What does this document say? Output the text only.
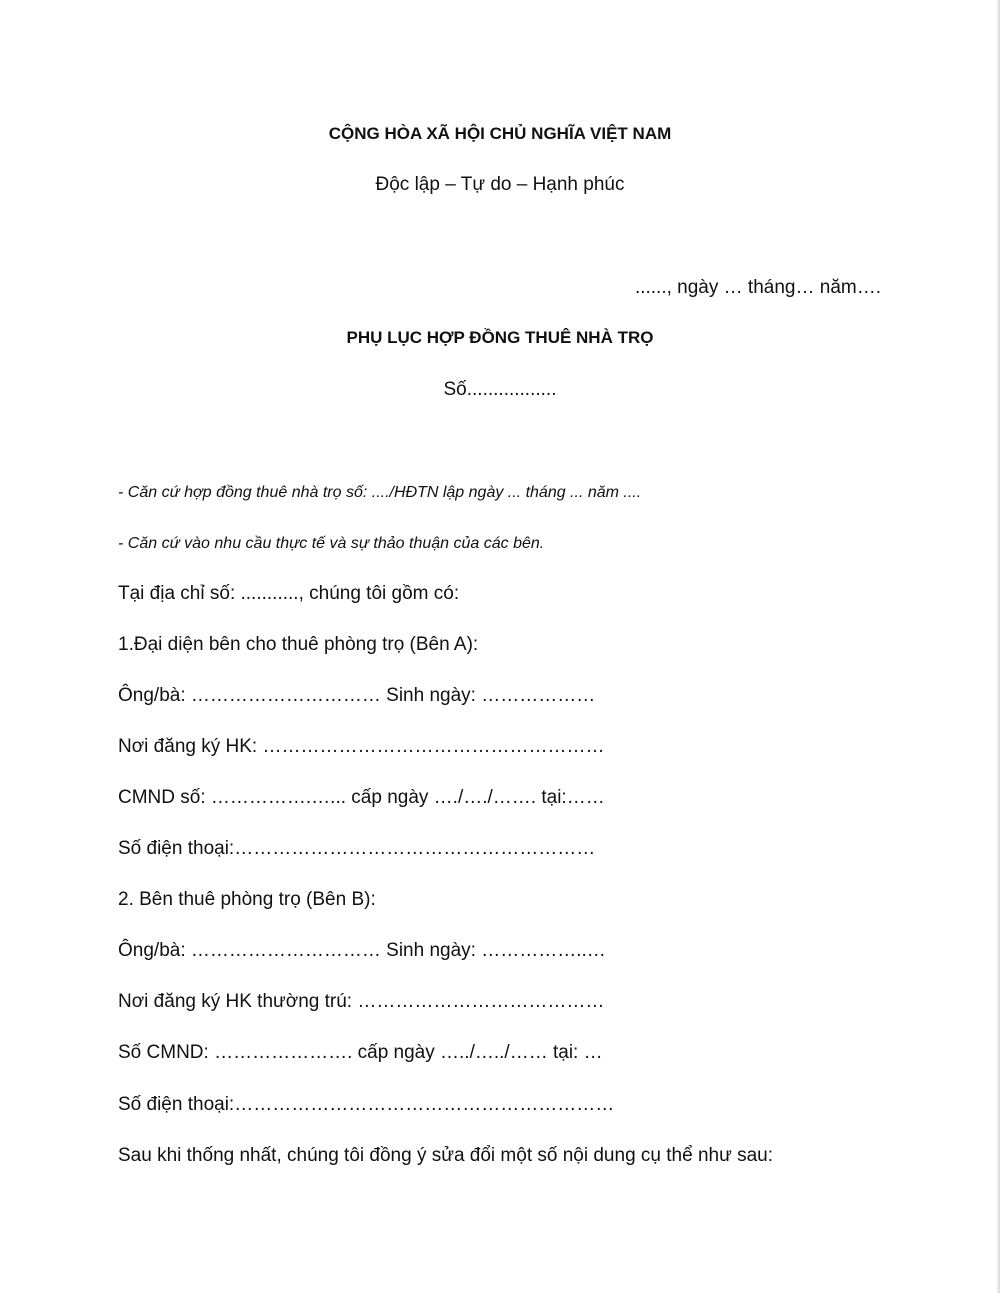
CỘNG HÒA XÃ HỘI CHỦ NGHĨA VIỆT NAM
Độc lập – Tự do – Hạnh phúc
......, ngày … tháng… năm….
PHỤ LỤC HỢP ĐỒNG THUÊ NHÀ TRỌ
Số.................
- Căn cứ hợp đồng thuê nhà trọ số: ..../HĐTN lập ngày ... tháng ... năm ....
- Căn cứ vào nhu cầu thực tế và sự thảo thuận của các bên.
Tại địa chỉ số: ..........., chúng tôi gồm có:
1.Đại diện bên cho thuê phòng trọ (Bên A):
Ông/bà: ………………………… Sinh ngày: ………………
Nơi đăng ký HK: ………………………………………………
CMND số: …………….…... cấp ngày …./…./……. tại:……
Số điện thoại:…………………………………………………
2. Bên thuê phòng trọ (Bên B):
Ông/bà: ………………………… Sinh ngày: ……………..…
Nơi đăng ký HK thường trú: …………………………………
Số CMND: …………………. cấp ngày …../…../…… tại: …
Số điện thoại:……………………………………………………
Sau khi thống nhất, chúng tôi đồng ý sửa đổi một số nội dung cụ thể như sau:
